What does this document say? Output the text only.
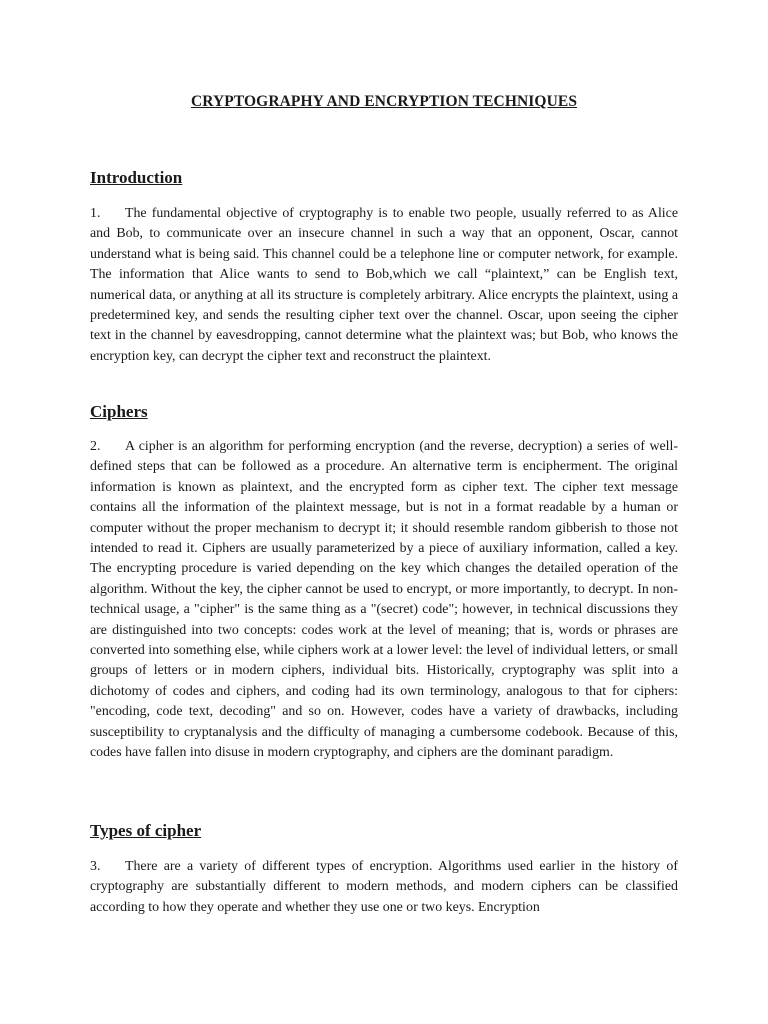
CRYPTOGRAPHY AND ENCRYPTION TECHNIQUES
Introduction

1. The fundamental objective of cryptography is to enable two people, usually referred to as Alice and Bob, to communicate over an insecure channel in such a way that an opponent, Oscar, cannot understand what is being said. This channel could be a telephone line or computer network, for example. The information that Alice wants to send to Bob,which we call “plaintext,” can be English text, numerical data, or anything at all its structure is completely arbitrary. Alice encrypts the plaintext, using a predetermined key, and sends the resulting cipher text over the channel. Oscar, upon seeing the cipher text in the channel by eavesdropping, cannot determine what the plaintext was; but Bob, who knows the encryption key, can decrypt the cipher text and reconstruct the plaintext.

Ciphers

2. A cipher is an algorithm for performing encryption (and the reverse, decryption) a series of well-defined steps that can be followed as a procedure. An alternative term is encipherment. The original information is known as plaintext, and the encrypted form as cipher text. The cipher text message contains all the information of the plaintext message, but is not in a format readable by a human or computer without the proper mechanism to decrypt it; it should resemble random gibberish to those not intended to read it. Ciphers are usually parameterized by a piece of auxiliary information, called a key. The encrypting procedure is varied depending on the key which changes the detailed operation of the algorithm. Without the key, the cipher cannot be used to encrypt, or more importantly, to decrypt. In non-technical usage, a "cipher" is the same thing as a "(secret) code"; however, in technical discussions they are distinguished into two concepts: codes work at the level of meaning; that is, words or phrases are converted into something else, while ciphers work at a lower level: the level of individual letters, or small groups of letters or in modern ciphers, individual bits. Historically, cryptography was split into a dichotomy of codes and ciphers, and coding had its own terminology, analogous to that for ciphers: "encoding, code text, decoding" and so on. However, codes have a variety of drawbacks, including susceptibility to cryptanalysis and the difficulty of managing a cumbersome codebook. Because of this, codes have fallen into disuse in modern cryptography, and ciphers are the dominant paradigm.

Types of cipher

3. There are a variety of different types of encryption. Algorithms used earlier in the history of cryptography are substantially different to modern methods, and modern ciphers can be classified according to how they operate and whether they use one or two keys. Encryption
